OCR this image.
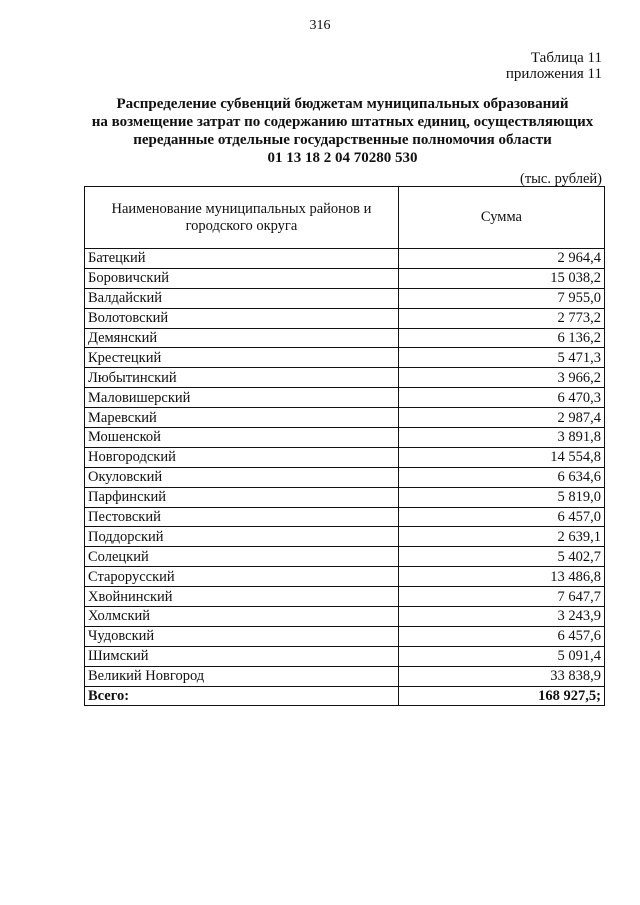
316
Таблица 11
приложения 11
Распределение субвенций бюджетам муниципальных образований
на возмещение затрат по содержанию штатных единиц, осуществляющих
переданные отдельные государственные полномочия области
01 13 18 2 04 70280 530
(тыс. рублей)
Наименование муниципальных районов и городского округа	Сумма
Батецкий	2 964,4
Боровичский	15 038,2
Валдайский	7 955,0
Волотовский	2 773,2
Демянский	6 136,2
Крестецкий	5 471,3
Любытинский	3 966,2
Маловишерский	6 470,3
Маревский	2 987,4
Мошенской	3 891,8
Новгородский	14 554,8
Окуловский	6 634,6
Парфинский	5 819,0
Пестовский	6 457,0
Поддорский	2 639,1
Солецкий	5 402,7
Старорусский	13 486,8
Хвойнинский	7 647,7
Холмский	3 243,9
Чудовский	6 457,6
Шимский	5 091,4
Великий Новгород	33 838,9
Всего:	168 927,5;
